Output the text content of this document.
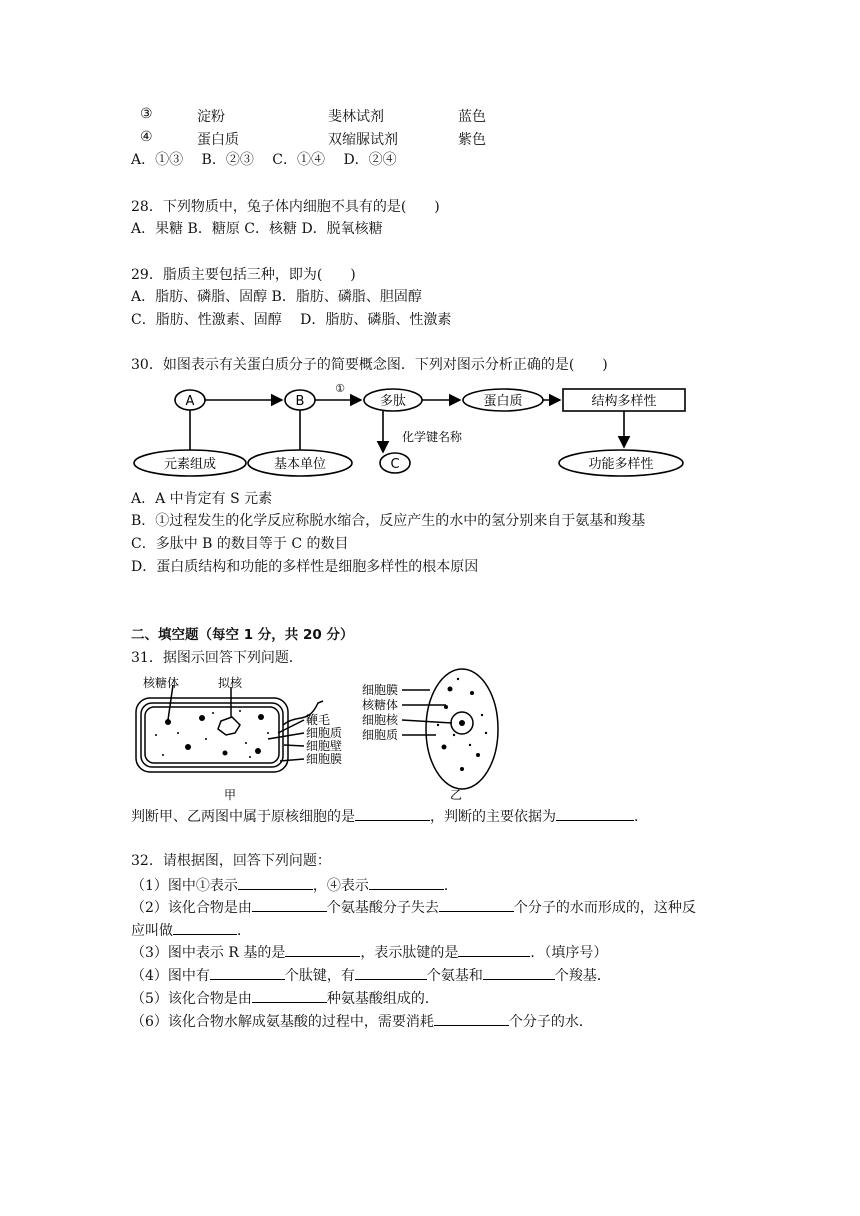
③	淀粉	斐林试剂	蓝色
④	蛋白质	双缩脲试剂	紫色
A．①③　 B．②③　 C．①④　 D．②④
28．下列物质中，兔子体内细胞不具有的是(　　)
A．果糖 B．糖原 C．核糖 D．脱氧核糖
29．脂质主要包括三种，即为(　　)
A．脂肪、磷脂、固醇 B．脂肪、磷脂、胆固醇
C．脂肪、性激素、固醇　 D．脂肪、磷脂、性激素
30．如图表示有关蛋白质分子的简要概念图．下列对图示分析正确的是(　　)
A	B
①
多肽	蛋白质	结构多样性
元素组成	基本单位	C	功能多样性
化学键名称
A．A 中肯定有 S 元素
B．①过程发生的化学反应称脱水缩合，反应产生的水中的氢分别来自于氨基和羧基
C．多肽中 B 的数目等于 C 的数目
D．蛋白质结构和功能的多样性是细胞多样性的根本原因
二、填空题（每空 1 分，共 20 分）
31．据图示回答下列问题．
核糖体	拟核
鞭毛
细胞质
细胞壁
细胞膜
甲
细胞膜
核糖体
细胞核
细胞质
乙
判断甲、乙两图中属于原核细胞的是	，判断的主要依据为	．
32．请根据图，回答下列问题：
（1）图中①表示	，④表示	．
（2）该化合物是由	个氨基酸分子失去	个分子的水而形成的，这种反
应叫做	．
（3）图中表示 R 基的是	，表示肽键的是	．（填序号）
（4）图中有	个肽键，有	个氨基和	个羧基．
（5）该化合物是由	种氨基酸组成的．
（6）该化合物水解成氨基酸的过程中，需要消耗	个分子的水．
